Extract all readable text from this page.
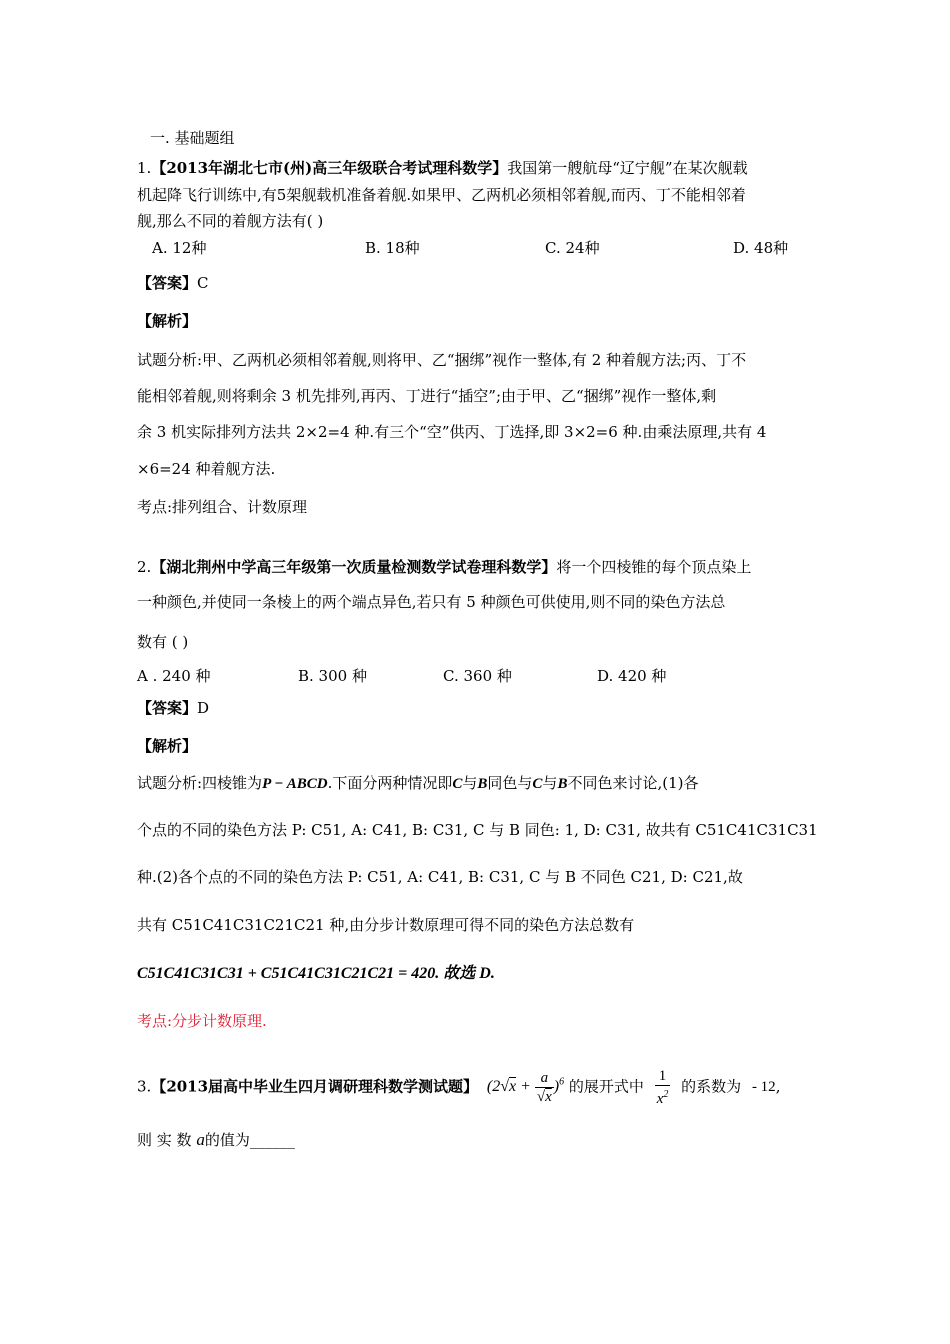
一. 基础题组
1.【2013年湖北七市(州)高三年级联合考试理科数学】我国第一艘航母“辽宁舰”在某次舰载
机起降飞行训练中,有5架舰载机准备着舰.如果甲、乙两机必须相邻着舰,而丙、丁不能相邻着
舰,那么不同的着舰方法有( )
A. 12种	B. 18种	C. 24种	D. 48种
【答案】C
【解析】
试题分析:甲、乙两机必须相邻着舰,则将甲、乙“捆绑”视作一整体,有 2 种着舰方法;丙、丁不
能相邻着舰,则将剩余 3 机先排列,再丙、丁进行“插空”;由于甲、乙“捆绑”视作一整体,剩
余 3 机实际排列方法共 2×2=4 种.有三个“空”供丙、丁选择,即 3×2=6 种.由乘法原理,共有 4
×6=24 种着舰方法.
考点:排列组合、计数原理
2.【湖北荆州中学高三年级第一次质量检测数学试卷理科数学】将一个四棱锥的每个顶点染上
一种颜色,并使同一条棱上的两个端点异色,若只有 5 种颜色可供使用,则不同的染色方法总
数有 ( )
A . 240 种	B. 300 种	C. 360 种	D. 420 种
【答案】D
【解析】
试题分析:四棱锥为P − ABCD.下面分两种情况即C与B同色与C与B不同色来讨论,(1)各
个点的不同的染色方法 P: C51, A: C41, B: C31, C 与 B 同色: 1, D: C31, 故共有 C51C41C31C31
种.(2)各个点的不同的染色方法 P: C51, A: C41, B: C31, C 与 B 不同色 C21, D: C21,故
共有 C51C41C31C21C21 种,由分步计数原理可得不同的染色方法总数有
C51C41C31C31 + C51C41C31C21C21 = 420. 故选 D.
考点:分步计数原理.
3.【2013届高中毕业生四月调研理科数学测试题】 $(2√x + \frac{a}{√x} )^6$ 的展开式中 $\frac{1}{x^2}$ 的系数为 - 12,
则 实 数 a的值为______
